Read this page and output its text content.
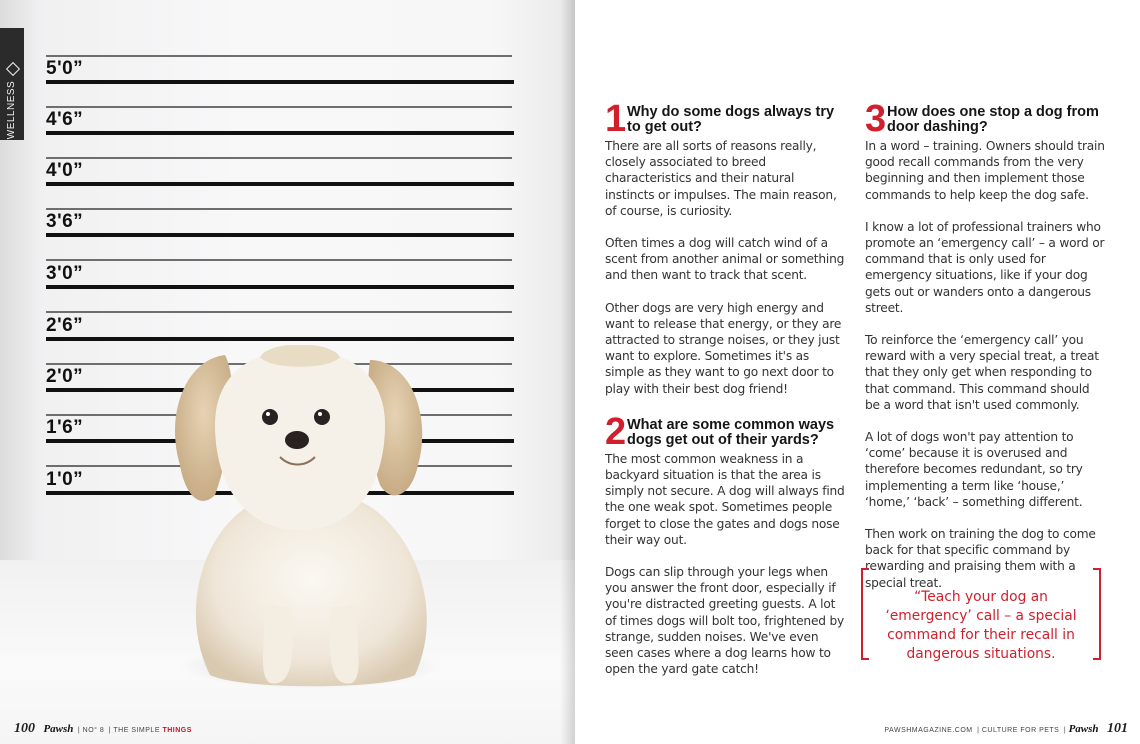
5'0”
4'6”
4'0”
3'6”
3'0”
2'6”
2'0”
1'6”
1'0”
WELLNESS
100 Pawsh | NO° 8 | THE SIMPLE THINGS
1 Why do some dogs always try to get out?

There are all sorts of reasons really, closely associated to breed characteristics and their natural instincts or impulses. The main reason, of course, is curiosity.

Often times a dog will catch wind of a scent from another animal or something and then want to track that scent.

Other dogs are very high energy and want to release that energy, or they are attracted to strange noises, or they just want to explore. Sometimes it's as simple as they want to go next door to play with their best dog friend!

2 What are some common ways dogs get out of their yards?

The most common weakness in a backyard situation is that the area is simply not secure. A dog will always find the one weak spot. Sometimes people forget to close the gates and dogs nose their way out.

Dogs can slip through your legs when you answer the front door, especially if you're distracted greeting guests. A lot of times dogs will bolt too, frightened by strange, sudden noises. We've even seen cases where a dog learns how to open the yard gate catch!

3 How does one stop a dog from door dashing?

In a word – training. Owners should train good recall commands from the very beginning and then implement those commands to help keep the dog safe.

I know a lot of professional trainers who promote an ‘emergency call’ – a word or command that is only used for emergency situations, like if your dog gets out or wanders onto a dangerous street.

To reinforce the ‘emergency call’ you reward with a very special treat, a treat that they only get when responding to that command. This command should be a word that isn't used commonly.

A lot of dogs won't pay attention to ‘come’ because it is overused and therefore becomes redundant, so try implementing a term like ‘house,’ ‘home,’ ‘back’ – something different.

Then work on training the dog to come back for that specific command by rewarding and praising them with a special treat.

“Teach your dog an ‘emergency’ call – a special command for their recall in dangerous situations.
PAWSHMAGAZINE.COM | CULTURE FOR PETS | Pawsh 101
